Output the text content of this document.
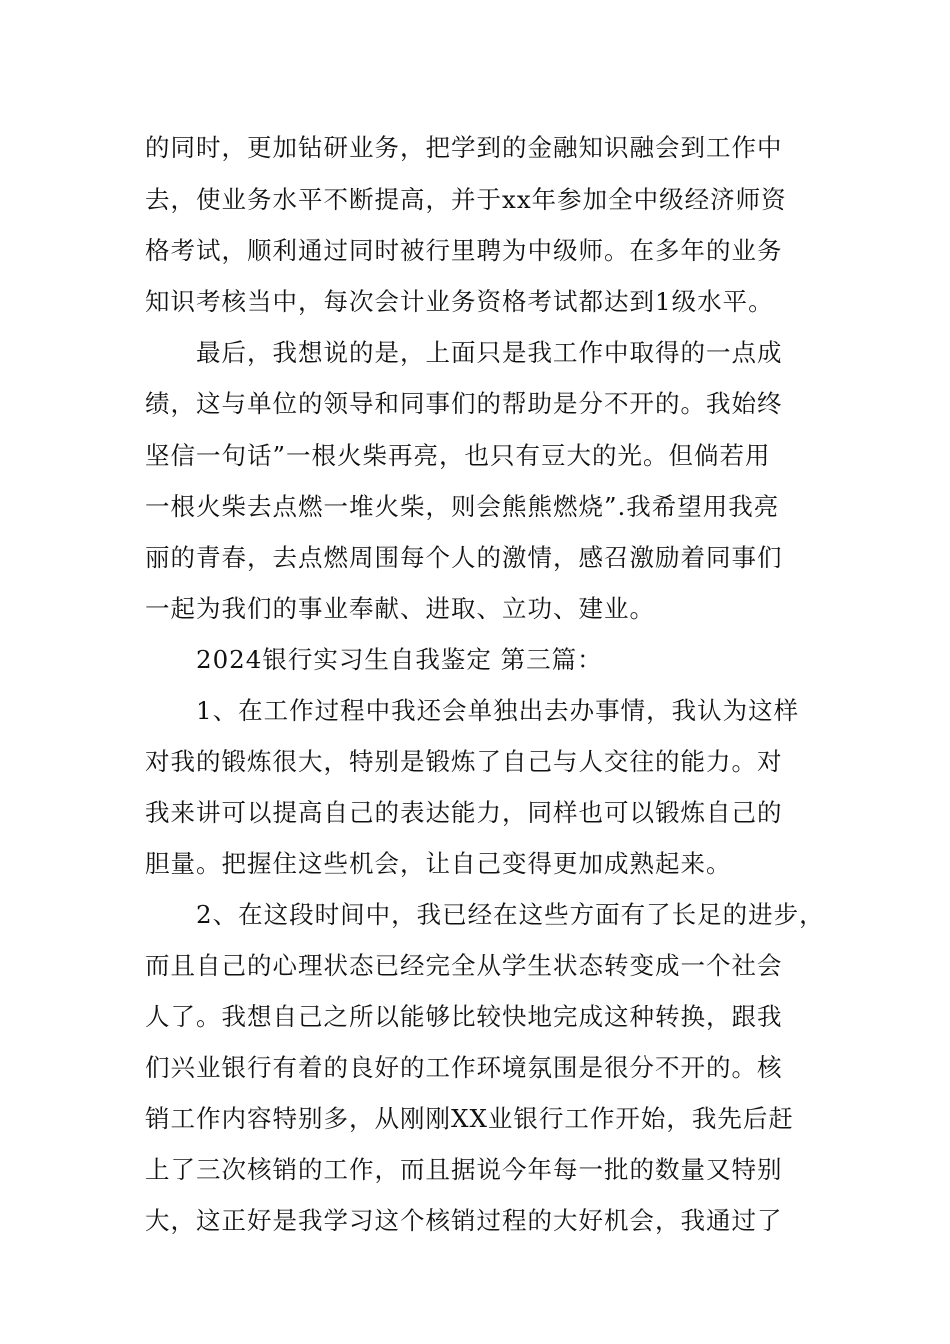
的同时，更加钻研业务，把学到的金融知识融会到工作中
去，使业务水平不断提高，并于xx年参加全中级经济师资
格考试，顺利通过同时被行里聘为中级师。在多年的业务
知识考核当中，每次会计业务资格考试都达到1级水平。
最后，我想说的是，上面只是我工作中取得的一点成
绩，这与单位的领导和同事们的帮助是分不开的。我始终
坚信一句话”一根火柴再亮，也只有豆大的光。但倘若用
一根火柴去点燃一堆火柴，则会熊熊燃烧”.我希望用我亮
丽的青春，去点燃周围每个人的激情，感召激励着同事们
一起为我们的事业奉献、进取、立功、建业。
2024银行实习生自我鉴定 第三篇：
1、在工作过程中我还会单独出去办事情，我认为这样
对我的锻炼很大，特别是锻炼了自己与人交往的能力。对
我来讲可以提高自己的表达能力，同样也可以锻炼自己的
胆量。把握住这些机会，让自己变得更加成熟起来。
2、在这段时间中，我已经在这些方面有了长足的进步，
而且自己的心理状态已经完全从学生状态转变成一个社会
人了。我想自己之所以能够比较快地完成这种转换，跟我
们兴业银行有着的良好的工作环境氛围是很分不开的。核
销工作内容特别多，从刚刚XX业银行工作开始，我先后赶
上了三次核销的工作，而且据说今年每一批的数量又特别
大，这正好是我学习这个核销过程的大好机会，我通过了
